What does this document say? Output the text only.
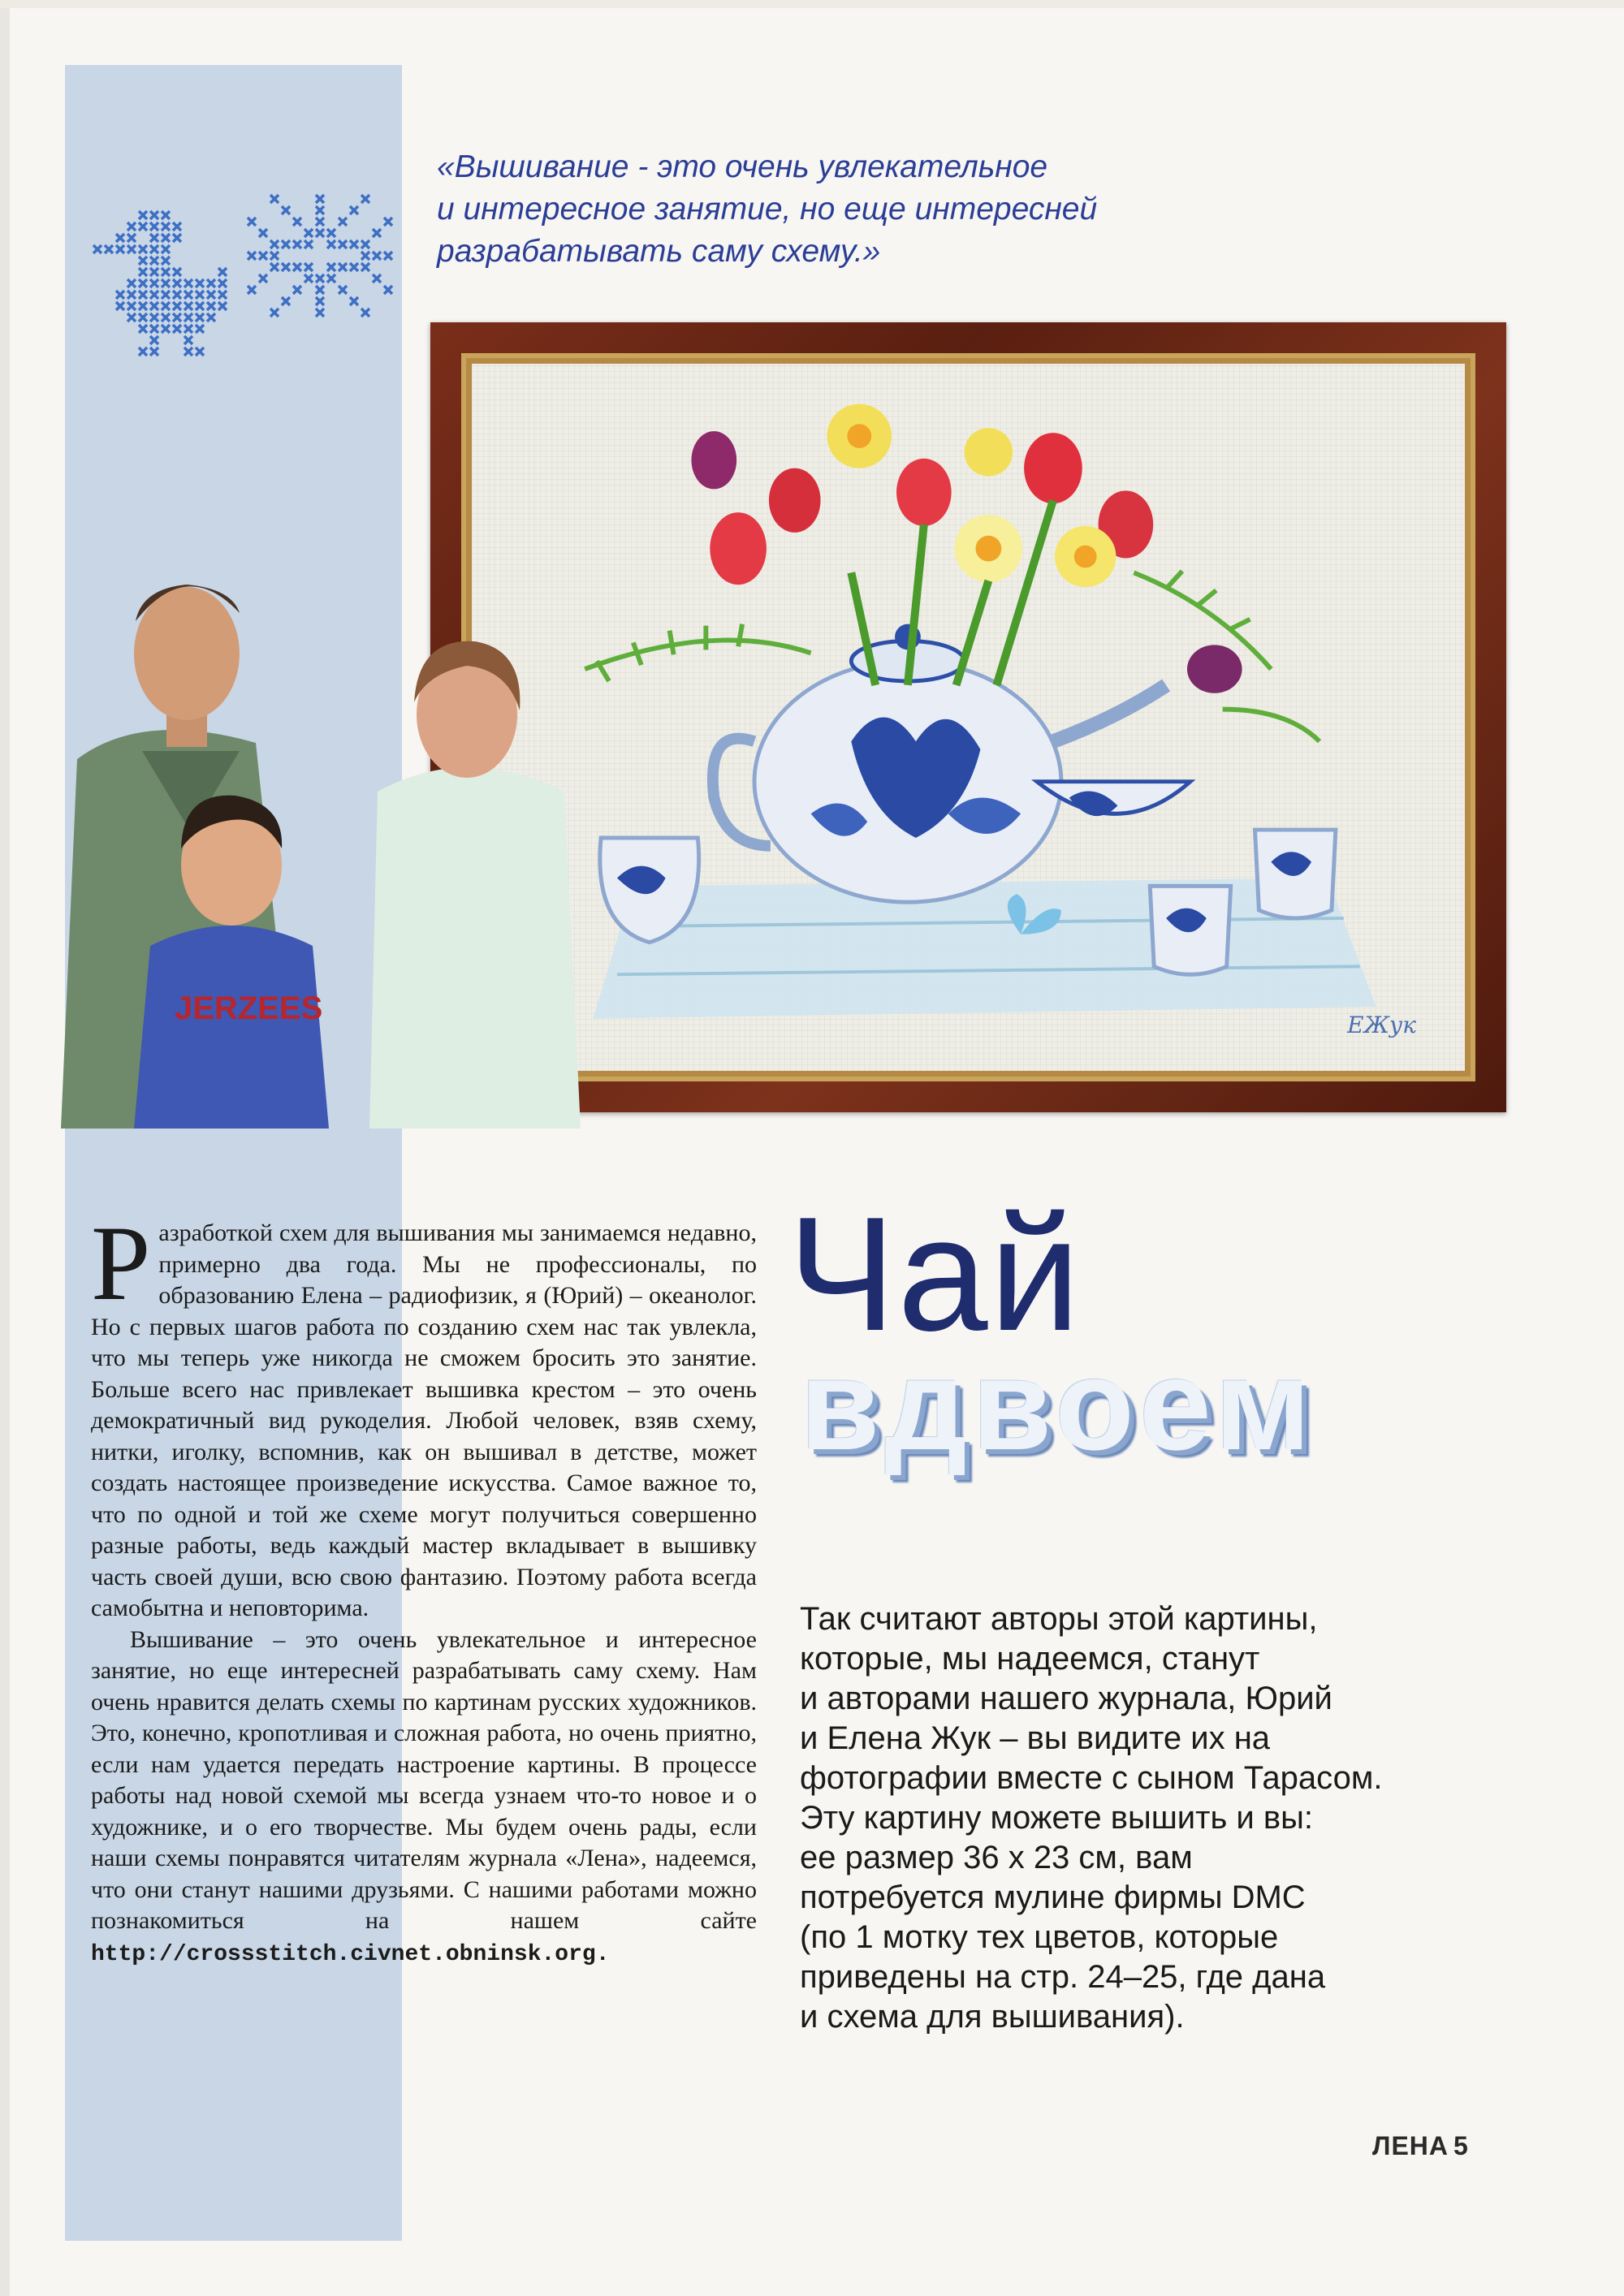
«Вышивание - это очень увлекательное
и интересное занятие, но еще интересней
разрабатывать саму схему.»
ЕЖук
JERZEES

Разработкой схем для вышивания мы занимаемся недавно, примерно два года. Мы не профессионалы, по образованию Елена – радиофизик, я (Юрий) – океанолог. Но с первых шагов работа по созданию схем нас так увлекла, что мы теперь уже никогда не сможем бросить это занятие. Больше всего нас привлекает вышивка крестом – это очень демократичный вид рукоделия. Любой человек, взяв схему, нитки, иголку, вспомнив, как он вышивал в детстве, может создать настоящее произведение искусства. Самое важное то, что по одной и той же схеме могут получиться совершенно разные работы, ведь каждый мастер вкладывает в вышивку часть своей души, всю свою фантазию. Поэтому работа всегда самобытна и неповторима.

Вышивание – это очень увлекательное и интересное занятие, но еще интересней разрабатывать саму схему. Нам очень нравится делать схемы по картинам русских художников. Это, конечно, кропотливая и сложная работа, но очень приятно, если нам удается передать настроение картины. В процессе работы над новой схемой мы всегда узнаем что-то новое и о художнике, и о его творчестве. Мы будем очень рады, если наши схемы понравятся читателям журнала «Лена», надеемся, что они станут нашими друзьями. С нашими работами можно познакомиться на нашем сайте http://crossstitch.civnet.obninsk.org.

Чай
вдвоем
Так считают авторы этой картины,
которые, мы надеемся, станут
и авторами нашего журнала, Юрий
и Елена Жук – вы видите их на
фотографии вместе с сыном Тарасом.
Эту картину можете вышить и вы:
ее размер 36 х 23 см, вам
потребуется мулине фирмы DMC
(по 1 мотку тех цветов, которые
приведены на стр. 24–25, где дана
и схема для вышивания).
ЛЕНА 5
